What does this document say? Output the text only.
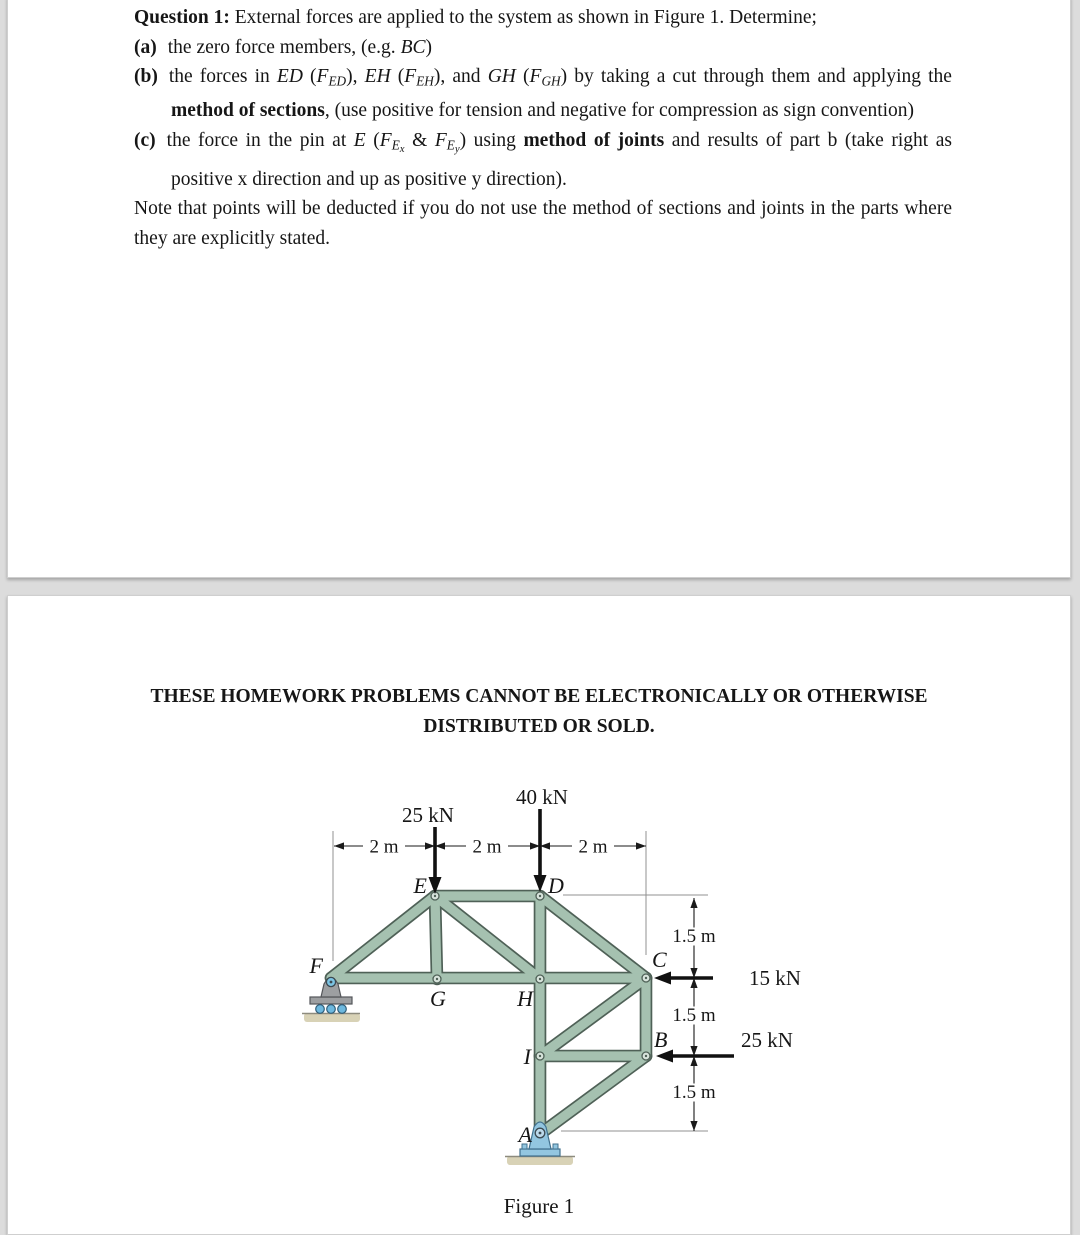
Question 1: External forces are applied to the system as shown in Figure 1. Determine;
(a) the zero force members, (e.g. BC)
(b) the forces in ED $(F_{ED})$, EH $(F_{EH})$, and GH $(F_{GH})$ by taking a cut through them and applying the method of sections, (use positive for tension and negative for compression as sign convention)
(c) the force in the pin at E ($F_{Ex}$ & $F_{Ey}$) using method of joints and results of part b (take right as positive x direction and up as positive y direction).
Note that points will be deducted if you do not use the method of sections and joints in the parts where they are explicitly stated.
THESE HOMEWORK PROBLEMS CANNOT BE ELECTRONICALLY OR OTHERWISE
DISTRIBUTED OR SOLD.
2 m	2 m	2 m
1.5 m
1.5 m
1.5 m
25 kN
40 kN
15 kN
25 kN
F
E	D
G	H
C
B
I
A
Figure 1
